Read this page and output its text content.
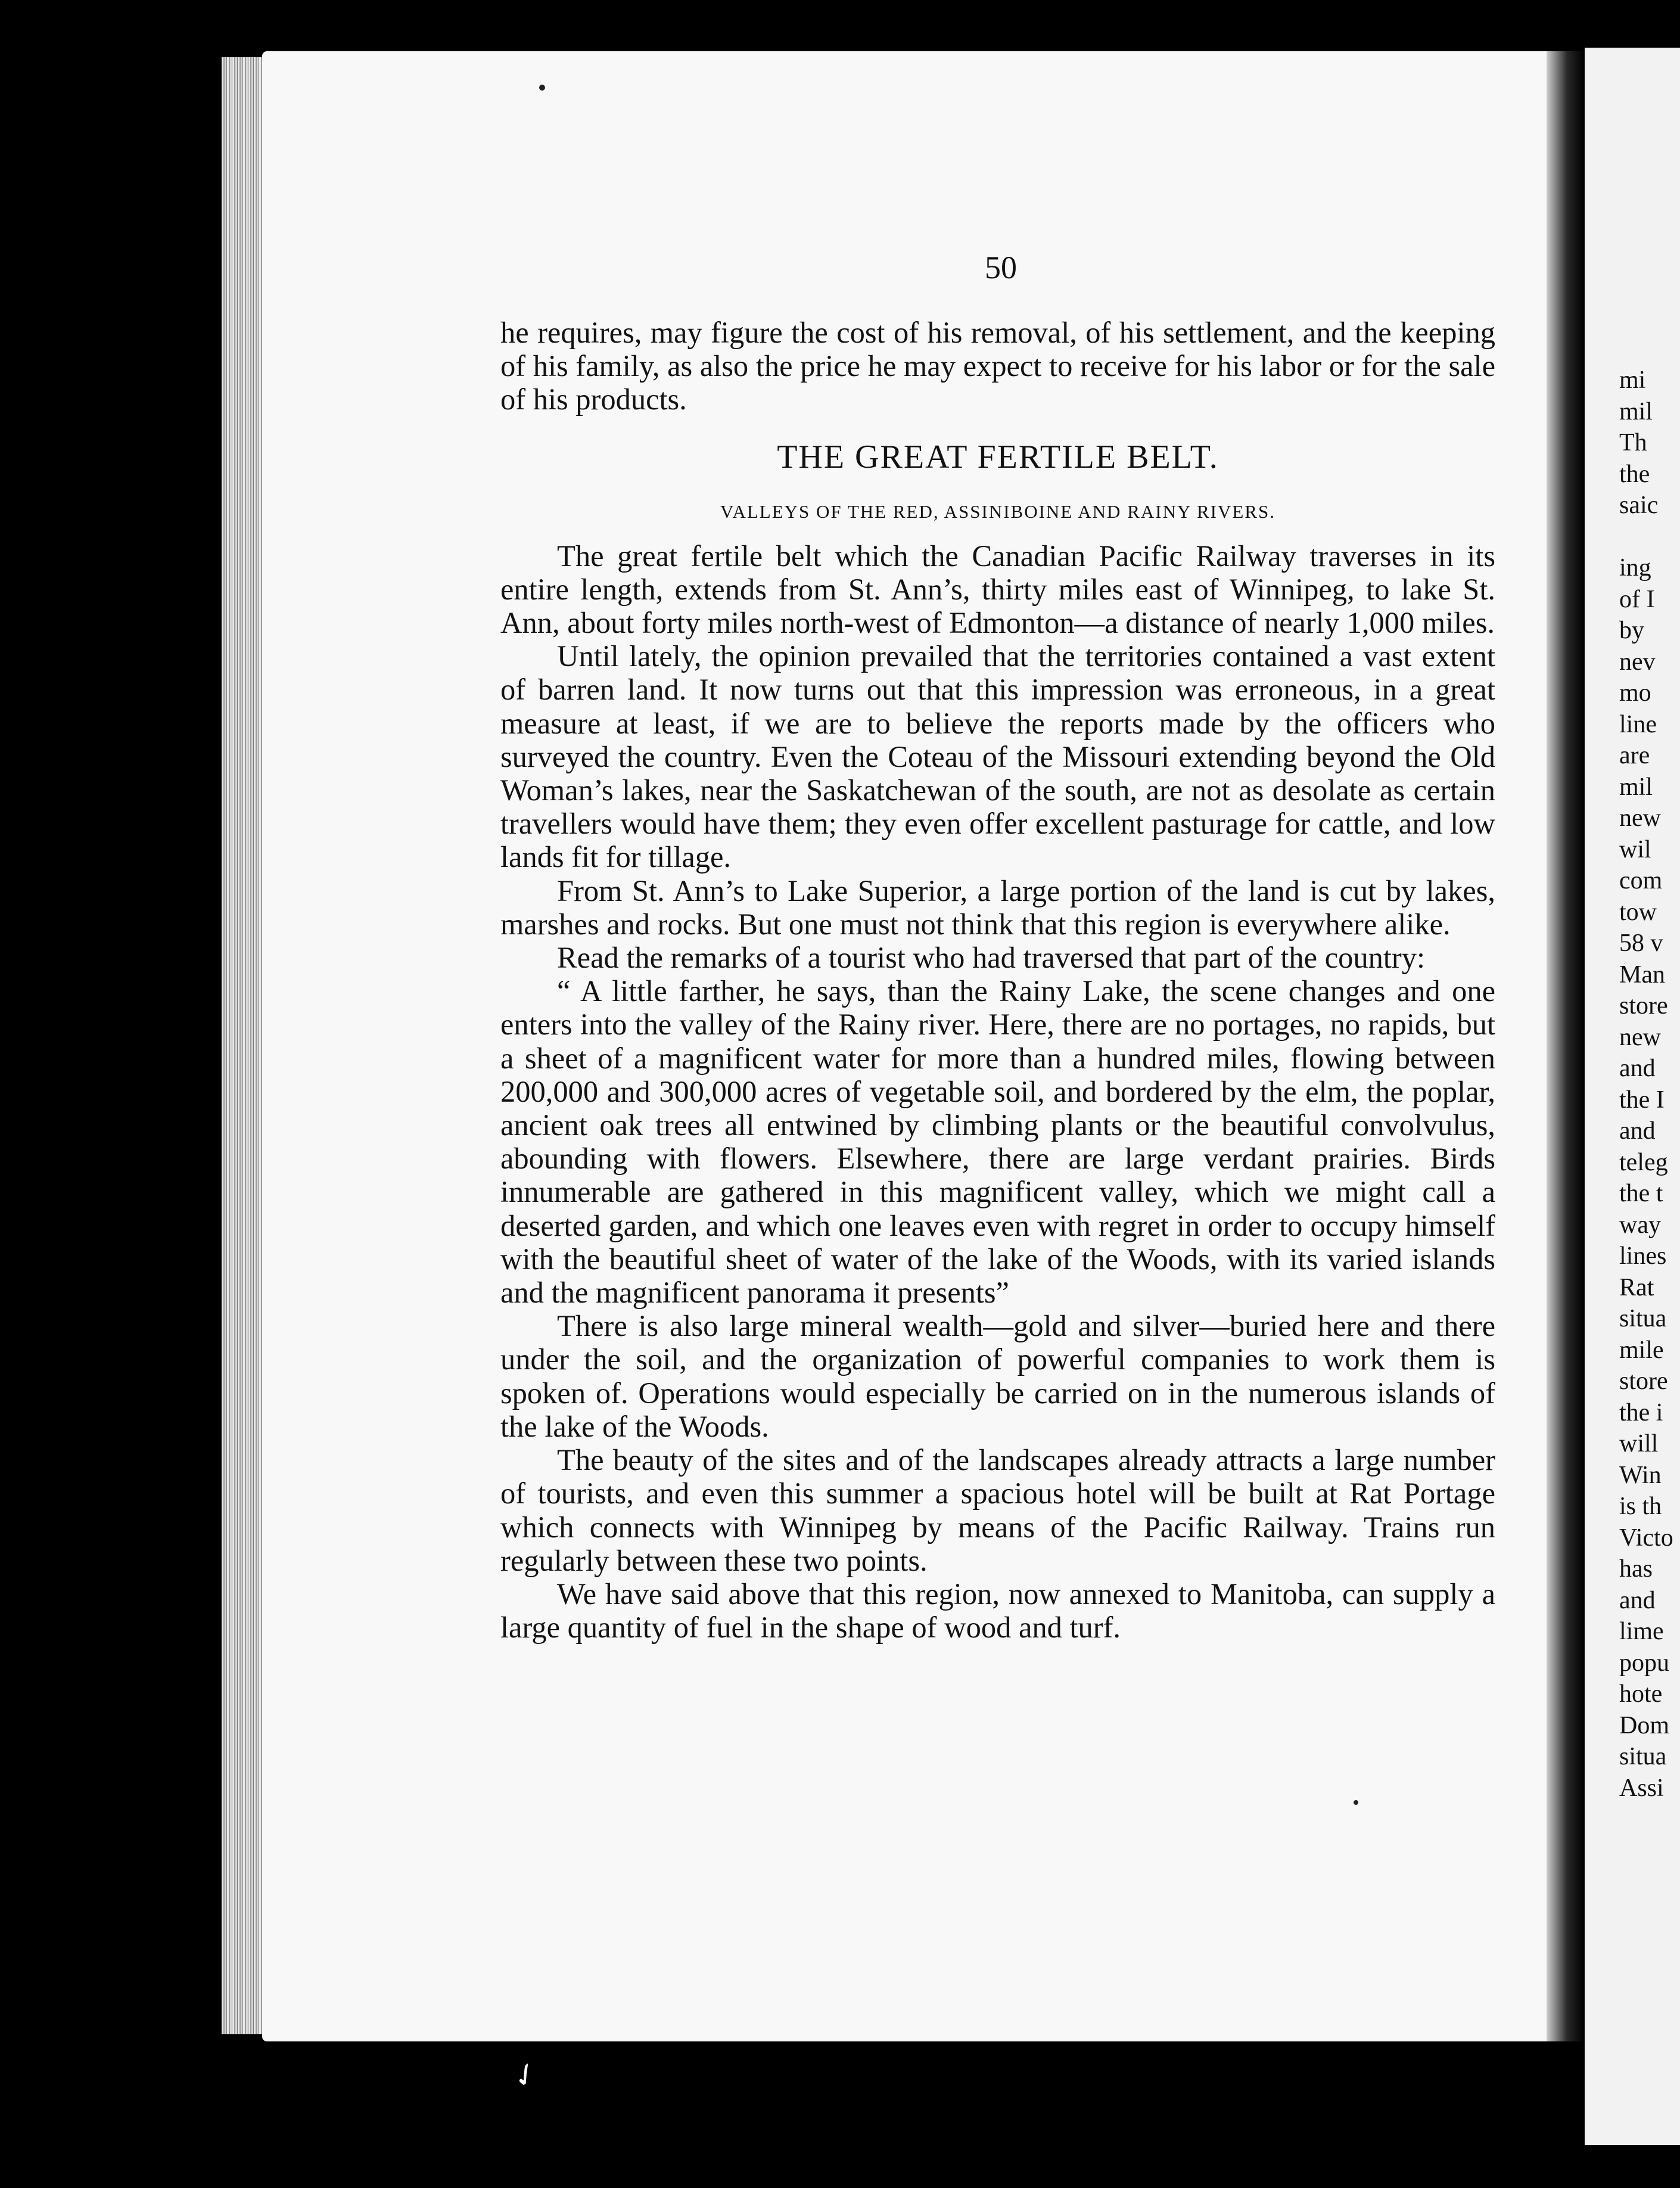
mi
mil
Th
the
saic
ing
of I
by
nev
mo
line
are
mil
new
wil
com
tow
58 v
Man
store
new
and
the I
and
teleg
the t
way
lines
Rat
situa
mile
store
the i
will
Win
is th
Victo
has
and
lime
popu
hote
Dom
situa
Assi
50

he requires, may figure the cost of his removal, of his settlement, and the keeping of his family, as also the price he may expect to receive for his labor or for the sale of his products.

THE GREAT FERTILE BELT.
VALLEYS OF THE RED, ASSINIBOINE AND RAINY RIVERS.

The great fertile belt which the Canadian Pacific Railway traverses in its entire length, extends from St. Ann’s, thirty miles east of Winnipeg, to lake St. Ann, about forty miles north-west of Edmonton—a distance of nearly 1,000 miles.

Until lately, the opinion prevailed that the territories contained a vast extent of barren land. It now turns out that this impression was erroneous, in a great measure at least, if we are to believe the reports made by the officers who surveyed the country. Even the Coteau of the Missouri extending beyond the Old Woman’s lakes, near the Saskatchewan of the south, are not as desolate as certain travellers would have them; they even offer excellent pasturage for cattle, and low lands fit for tillage.

From St. Ann’s to Lake Superior, a large portion of the land is cut by lakes, marshes and rocks. But one must not think that this region is everywhere alike.

Read the remarks of a tourist who had traversed that part of the country:

“ A little farther, he says, than the Rainy Lake, the scene changes and one enters into the valley of the Rainy river. Here, there are no portages, no rapids, but a sheet of a magnificent water for more than a hundred miles, flowing between 200,000 and 300,000 acres of vegetable soil, and bordered by the elm, the poplar, ancient oak trees all entwined by climbing plants or the beautiful convolvulus, abounding with flowers. Elsewhere, there are large verdant prairies. Birds innumerable are gathered in this magnificent valley, which we might call a deserted garden, and which one leaves even with regret in order to occupy himself with the beautiful sheet of water of the lake of the Woods, with its varied islands and the magnificent panorama it presents”

There is also large mineral wealth—gold and silver—buried here and there under the soil, and the organization of powerful companies to work them is spoken of. Operations would especially be carried on in the numerous islands of the lake of the Woods.

The beauty of the sites and of the landscapes already attracts a large number of tourists, and even this summer a spacious hotel will be built at Rat Portage which connects with Winnipeg by means of the Pacific Railway. Trains run regularly between these two points.

We have said above that this region, now annexed to Manitoba, can supply a large quantity of fuel in the shape of wood and turf.

✓
